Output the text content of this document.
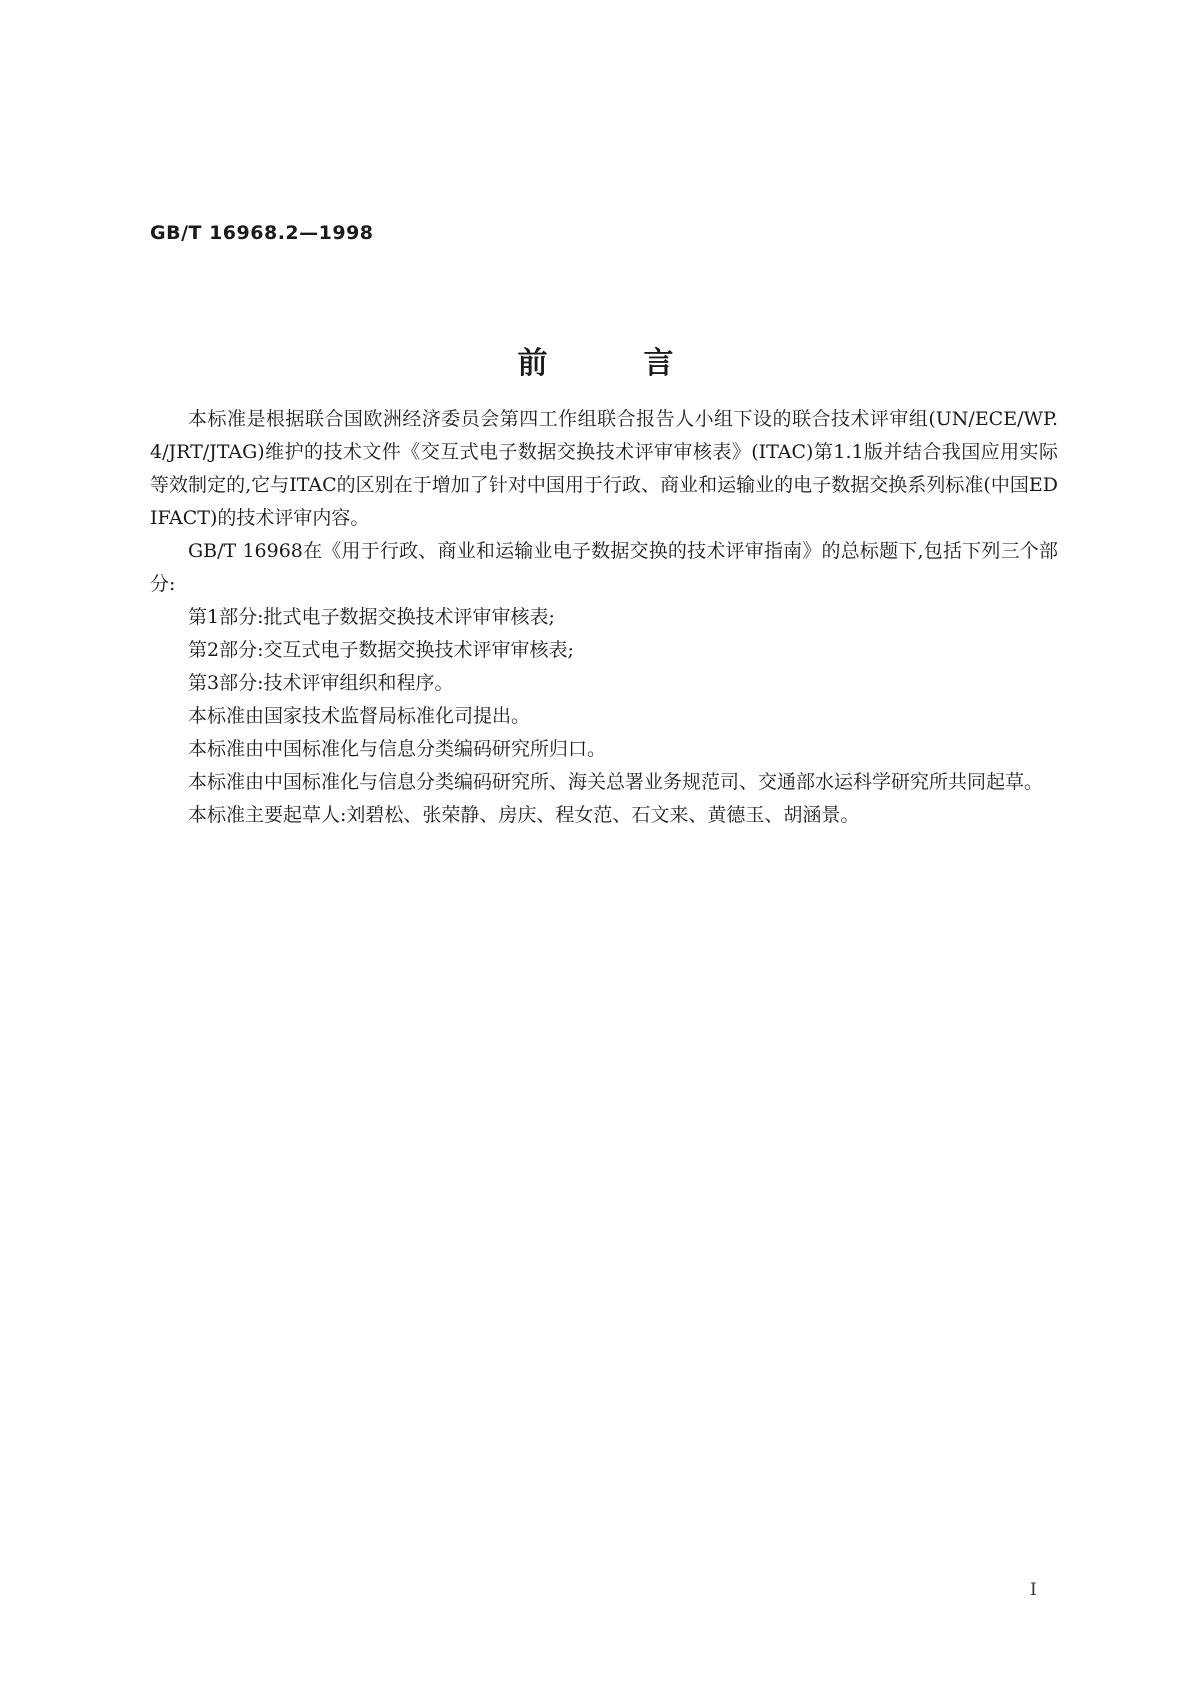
GB/T 16968.2—1998
前言

本标准是根据联合国欧洲经济委员会第四工作组联合报告人小组下设的联合技术评审组(UN/ECE/WP.4/JRT/JTAG)维护的技术文件《交互式电子数据交换技术评审审核表》(ITAC)第1.1版并结合我国应用实际等效制定的,它与ITAC的区别在于增加了针对中国用于行政、商业和运输业的电子数据交换系列标准(中国EDIFACT)的技术评审内容。

GB/T 16968在《用于行政、商业和运输业电子数据交换的技术评审指南》的总标题下,包括下列三个部分:

第1部分:批式电子数据交换技术评审审核表;

第2部分:交互式电子数据交换技术评审审核表;

第3部分:技术评审组织和程序。

本标准由国家技术监督局标准化司提出。

本标准由中国标准化与信息分类编码研究所归口。

本标准由中国标准化与信息分类编码研究所、海关总署业务规范司、交通部水运科学研究所共同起草。

本标准主要起草人:刘碧松、张荣静、房庆、程女范、石文来、黄德玉、胡涵景。

I
